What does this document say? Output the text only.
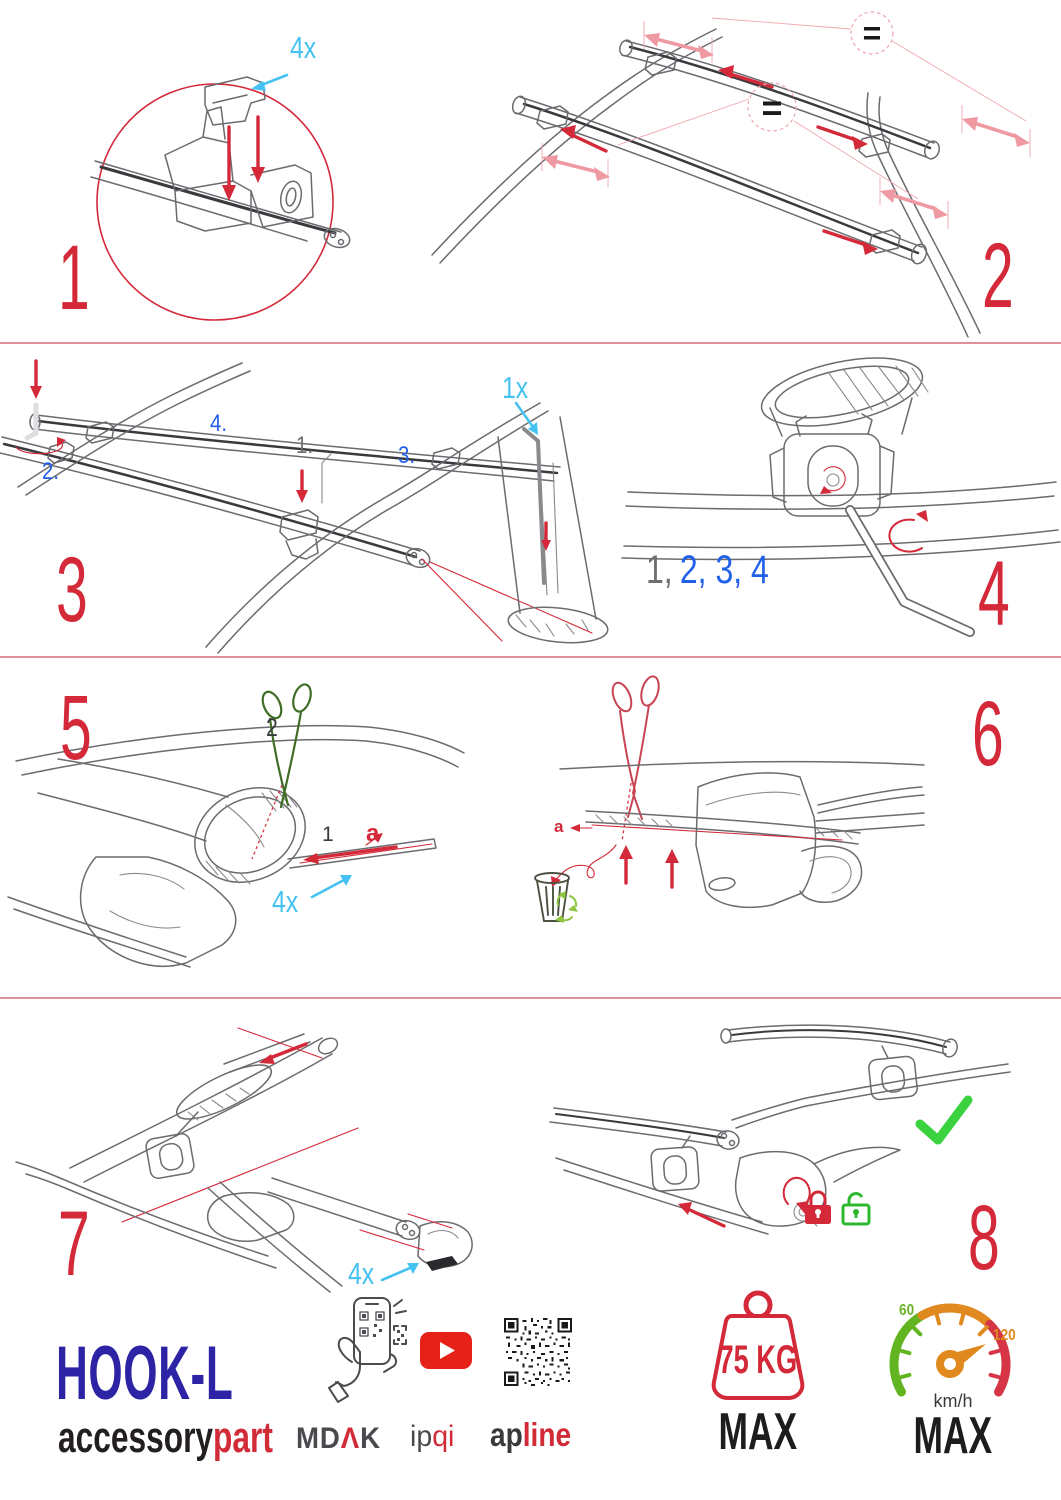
4x
1
=
=
2
2.
4.
1.	3.
1x
3	1, 2, 3, 4 4
2
1 a
4x
5
a
6
4x
7	8
HOOK-L
accessorypart MDΛK ipqi apline
75 KG
MAX
60
120
km/h
MAX
